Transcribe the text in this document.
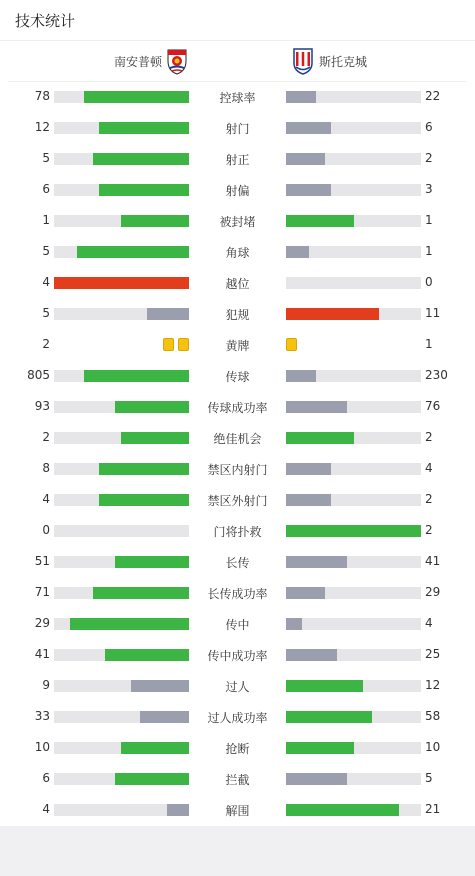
技术统计
南安普顿	斯托克城
78	控球率	22
12	射门	6
5	射正	2
6	射偏	3
1	被封堵	1
5	角球	1
4	越位	0
5	犯规	11
2	黄牌	1
805	传球	230
93	传球成功率	76
2	绝佳机会	2
8	禁区内射门	4
4	禁区外射门	2
0	门将扑救	2
51	长传	41
71	长传成功率	29
29	传中	4
41	传中成功率	25
9	过人	12
33	过人成功率	58
10	抢断	10
6	拦截	5
4	解围	21
